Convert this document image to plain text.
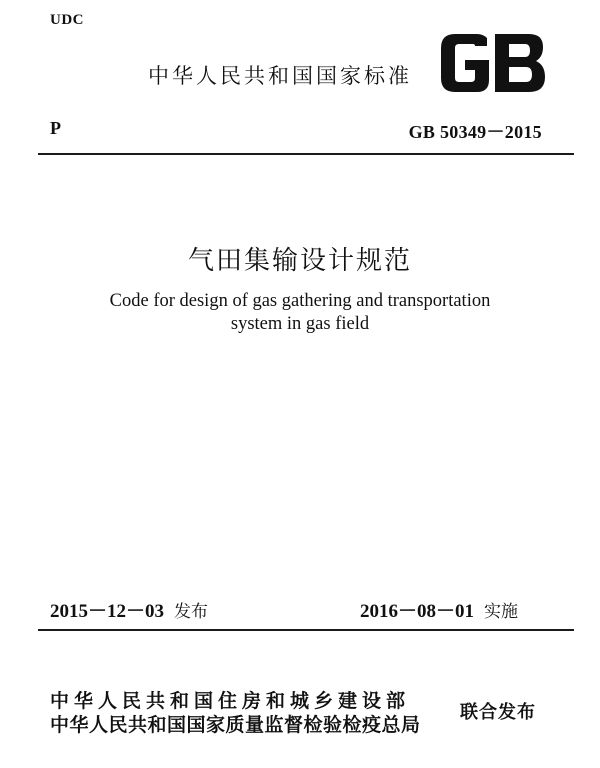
UDC
中华人民共和国国家标准
P	GB 50349－2015
气田集输设计规范
Code for design of gas gathering and transportation
system in gas field
2015－12－03 发布	2016－08－01 实施
中华人民共和国住房和城乡建设部
中华人民共和国国家质量监督检验检疫总局
联合发布
